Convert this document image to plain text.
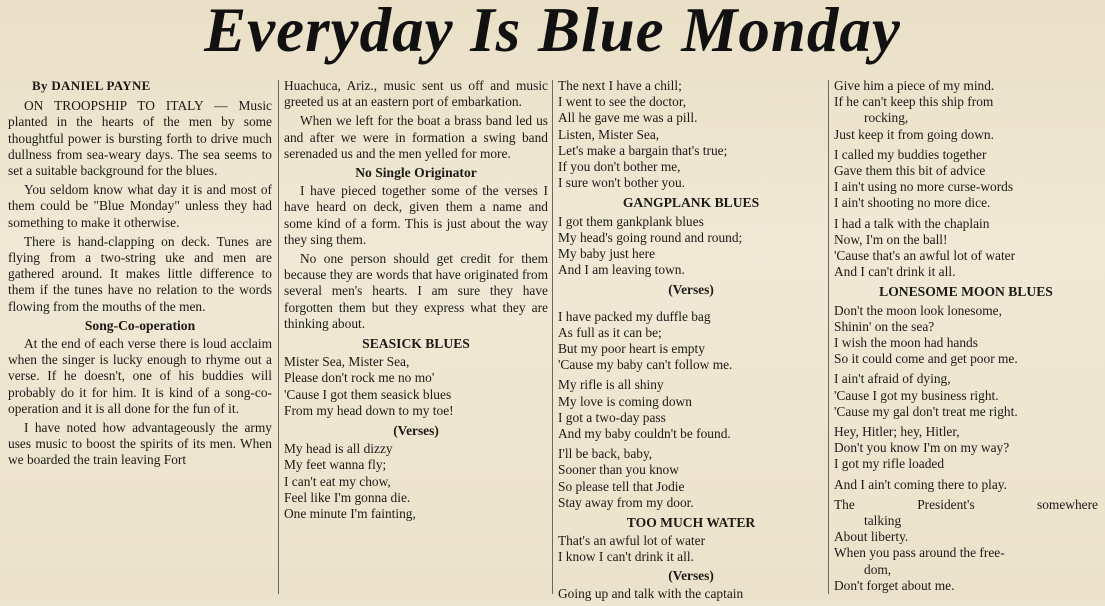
Everyday Is Blue Monday
By DANIEL PAYNE

ON TROOPSHIP TO ITALY — Music planted in the hearts of the men by some thoughtful power is bursting forth to drive much dullness from sea-weary days. The sea seems to set a suitable background for the blues.

You seldom know what day it is and most of them could be "Blue Monday" unless they had something to make it otherwise.

There is hand-clapping on deck. Tunes are flying from a two-string uke and men are gathered around. It makes little difference to them if the tunes have no relation to the words flowing from the mouths of the men.

Song-Co-operation

At the end of each verse there is loud acclaim when the singer is lucky enough to rhyme out a verse. If he doesn't, one of his buddies will probably do it for him. It is kind of a song-co-operation and it is all done for the fun of it.

I have noted how advantageously the army uses music to boost the spirits of its men. When we boarded the train leaving Fort

Huachuca, Ariz., music sent us off and music greeted us at an eastern port of embarkation.

When we left for the boat a brass band led us and after we were in formation a swing band serenaded us and the men yelled for more.

No Single Originator

I have pieced together some of the verses I have heard on deck, given them a name and some kind of a form. This is just about the way they sing them.

No one person should get credit for them because they are words that have originated from several men's hearts. I am sure they have forgotten them but they express what they are thinking about.

SEASICK BLUES
Mister Sea, Mister Sea,
Please don't rock me no mo'
'Cause I got them seasick blues
From my head down to my toe!
(Verses)
My head is all dizzy
My feet wanna fly;
I can't eat my chow,
Feel like I'm gonna die.
One minute I'm fainting,
The next I have a chill;
I went to see the doctor,
All he gave me was a pill.
Listen, Mister Sea,
Let's make a bargain that's true;
If you don't bother me,
I sure won't bother you.
GANGPLANK BLUES
I got them gankplank blues
My head's going round and round;
My baby just here
And I am leaving town.
(Verses)
I have packed my duffle bag
As full as it can be;
But my poor heart is empty
'Cause my baby can't follow me.
My rifle is all shiny
My love is coming down
I got a two-day pass
And my baby couldn't be found.
I'll be back, baby,
Sooner than you know
So please tell that Jodie
Stay away from my door.
TOO MUCH WATER
That's an awful lot of water
I know I can't drink it all.
(Verses)
Going up and talk with the captain
Give him a piece of my mind.
If he can't keep this ship from
rocking,
Just keep it from going down.
I called my buddies together
Gave them this bit of advice
I ain't using no more curse-words
I ain't shooting no more dice.
I had a talk with the chaplain
Now, I'm on the ball!
'Cause that's an awful lot of water
And I can't drink it all.
LONESOME MOON BLUES
Don't the moon look lonesome,
Shinin' on the sea?
I wish the moon had hands
So it could come and get poor me.
I ain't afraid of dying,
'Cause I got my business right.
'Cause my gal don't treat me right.
Hey, Hitler; hey, Hitler,
Don't you know I'm on my way?
I got my rifle loaded
And I ain't coming there to play.
The President's somewhere
talking
About liberty.
When you pass around the free-
dom,
Don't forget about me.
